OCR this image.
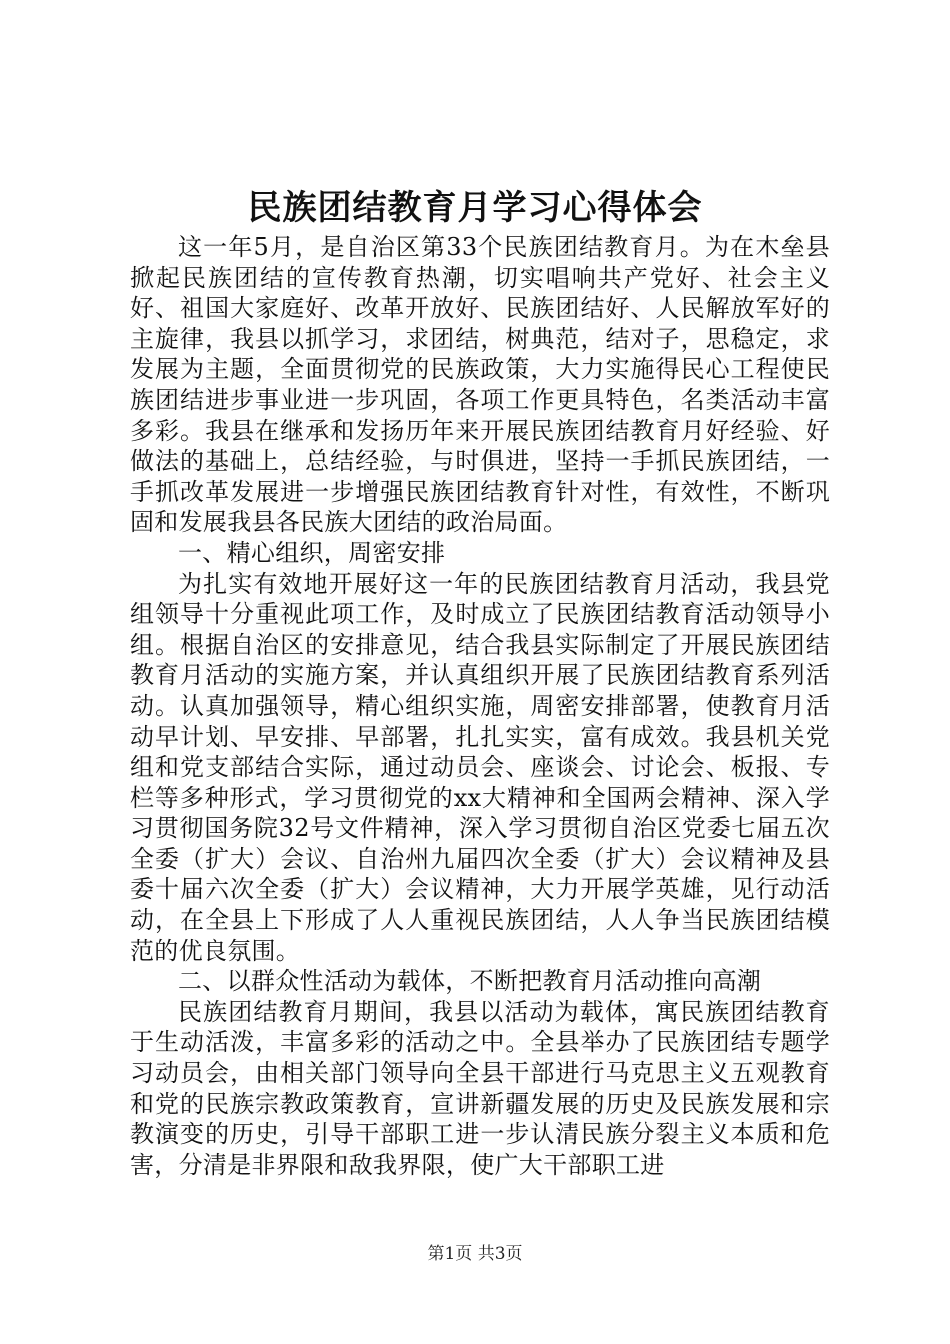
民族团结教育月学习心得体会

这一年5月，是自治区第33个民族团结教育月。为在木垒县掀起民族团结的宣传教育热潮，切实唱响共产党好、社会主义好、祖国大家庭好、改革开放好、民族团结好、人民解放军好的主旋律，我县以抓学习，求团结，树典范，结对子，思稳定，求发展为主题，全面贯彻党的民族政策，大力实施得民心工程使民族团结进步事业进一步巩固，各项工作更具特色，名类活动丰富多彩。我县在继承和发扬历年来开展民族团结教育月好经验、好做法的基础上，总结经验，与时俱进，坚持一手抓民族团结，一手抓改革发展进一步增强民族团结教育针对性，有效性，不断巩固和发展我县各民族大团结的政治局面。

一、精心组织，周密安排

为扎实有效地开展好这一年的民族团结教育月活动，我县党组领导十分重视此项工作，及时成立了民族团结教育活动领导小组。根据自治区的安排意见，结合我县实际制定了开展民族团结教育月活动的实施方案，并认真组织开展了民族团结教育系列活动。认真加强领导，精心组织实施，周密安排部署，使教育月活动早计划、早安排、早部署，扎扎实实，富有成效。我县机关党组和党支部结合实际，通过动员会、座谈会、讨论会、板报、专栏等多种形式，学习贯彻党的xx大精神和全国两会精神、深入学习贯彻国务院32号文件精神，深入学习贯彻自治区党委七届五次全委（扩大）会议、自治州九届四次全委（扩大）会议精神及县委十届六次全委（扩大）会议精神，大力开展学英雄，见行动活动，在全县上下形成了人人重视民族团结，人人争当民族团结模范的优良氛围。

二、以群众性活动为载体，不断把教育月活动推向高潮

民族团结教育月期间，我县以活动为载体，寓民族团结教育于生动活泼，丰富多彩的活动之中。全县举办了民族团结专题学习动员会，由相关部门领导向全县干部进行马克思主义五观教育和党的民族宗教政策教育，宣讲新疆发展的历史及民族发展和宗教演变的历史，引导干部职工进一步认清民族分裂主义本质和危害，分清是非界限和敌我界限，使广大干部职工进

第1页 共3页
